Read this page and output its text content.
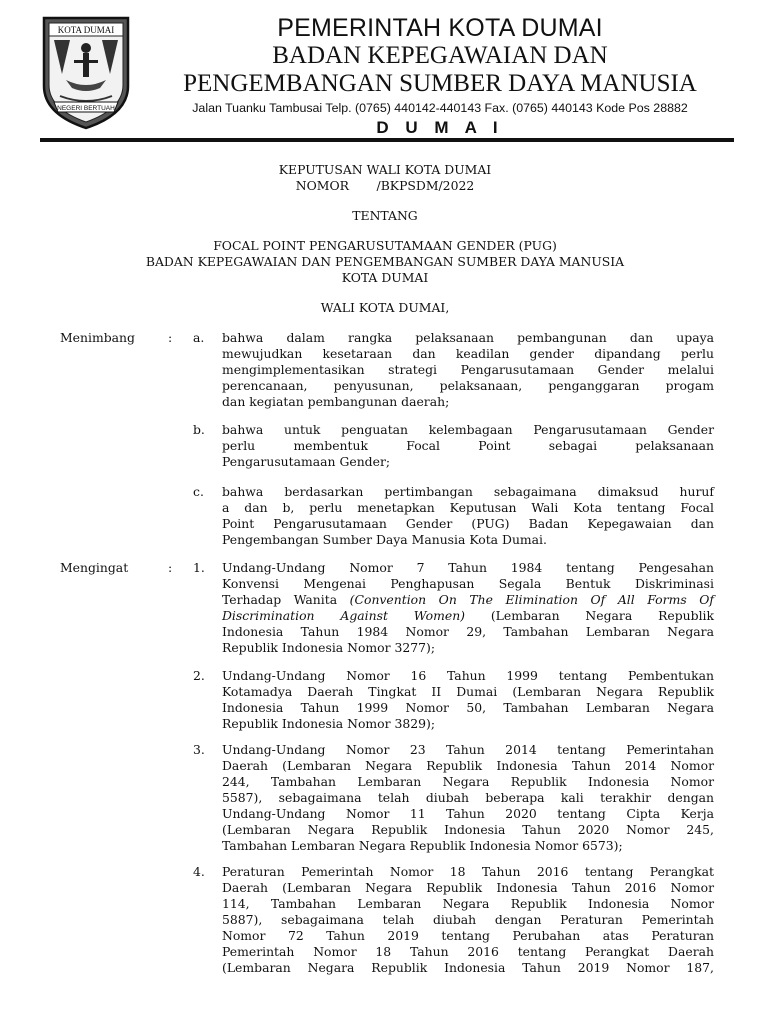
KOTA DUMAI
NEGERI BERTUAH
PEMERINTAH KOTA DUMAI
BADAN KEPEGAWAIAN DAN
PENGEMBANGAN SUMBER DAYA MANUSIA
Jalan Tuanku Tambusai Telp. (0765) 440142-440143 Fax. (0765) 440143 Kode Pos 28882
D U M A I
KEPUTUSAN WALI KOTA DUMAI
NOMOR       /BKPSDM/2022
TENTANG
FOCAL POINT PENGARUSUTAMAAN GENDER (PUG)
BADAN KEPEGAWAIAN DAN PENGEMBANGAN SUMBER DAYA MANUSIA
KOTA DUMAI
WALI KOTA DUMAI,
Menimbang	: a. bahwa dalam rangka pelaksanaan pembangunan dan upaya
mewujudkan kesetaraan dan keadilan gender dipandang perlu
mengimplementasikan strategi Pengarusutamaan Gender melalui
perencanaan, penyusunan, pelaksanaan, penganggaran progam
dan kegiatan pembangunan daerah;
b. bahwa untuk penguatan kelembagaan Pengarusutamaan Gender
perlu membentuk Focal Point sebagai pelaksanaan
Pengarusutamaan Gender;
c. bahwa berdasarkan pertimbangan sebagaimana dimaksud huruf
a dan b, perlu menetapkan Keputusan Wali Kota tentang Focal
Point Pengarusutamaan Gender (PUG) Badan Kepegawaian dan
Pengembangan Sumber Daya Manusia Kota Dumai.
Mengingat	: 1. Undang-Undang Nomor 7 Tahun 1984 tentang Pengesahan
Konvensi Mengenai Penghapusan Segala Bentuk Diskriminasi
Terhadap Wanita (Convention On The Elimination Of All Forms Of
Discrimination Against Women) (Lembaran Negara Republik
Indonesia Tahun 1984 Nomor 29, Tambahan Lembaran Negara
Republik Indonesia Nomor 3277);
2. Undang-Undang Nomor 16 Tahun 1999 tentang Pembentukan
Kotamadya Daerah Tingkat II Dumai (Lembaran Negara Republik
Indonesia Tahun 1999 Nomor 50, Tambahan Lembaran Negara
Republik Indonesia Nomor 3829);
3. Undang-Undang Nomor 23 Tahun 2014 tentang Pemerintahan
Daerah (Lembaran Negara Republik Indonesia Tahun 2014 Nomor
244, Tambahan Lembaran Negara Republik Indonesia Nomor
5587), sebagaimana telah diubah beberapa kali terakhir dengan
Undang-Undang Nomor 11 Tahun 2020 tentang Cipta Kerja
(Lembaran Negara Republik Indonesia Tahun 2020 Nomor 245,
Tambahan Lembaran Negara Republik Indonesia Nomor 6573);
4. Peraturan Pemerintah Nomor 18 Tahun 2016 tentang Perangkat
Daerah (Lembaran Negara Republik Indonesia Tahun 2016 Nomor
114, Tambahan Lembaran Negara Republik Indonesia Nomor
5887), sebagaimana telah diubah dengan Peraturan Pemerintah
Nomor 72 Tahun 2019 tentang Perubahan atas Peraturan
Pemerintah Nomor 18 Tahun 2016 tentang Perangkat Daerah
(Lembaran Negara Republik Indonesia Tahun 2019 Nomor 187,
